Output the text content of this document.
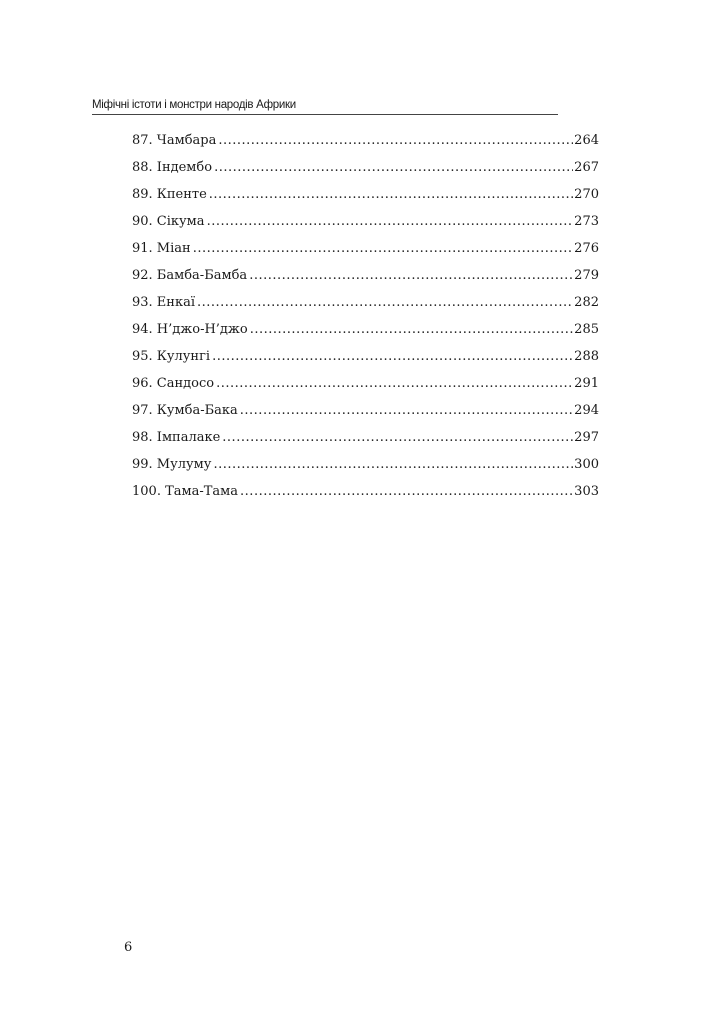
Міфічні істоти і монстри народів Африки
87. Чамбара .....	264
88. Індембо .....	267
89. Кпенте .....	270
90. Сікума .....	273
91. Міан .....	276
92. Бамба-Бамба .....	279
93. Енкаї .....	282
94. Н’джо-Н’джо .....	285
95. Кулунгі .....	288
96. Сандосо .....	291
97. Кумба-Бака .....	294
98. Імпалаке .....	297
99. Мулуму .....	300
100. Тама-Тама .....	303
6
